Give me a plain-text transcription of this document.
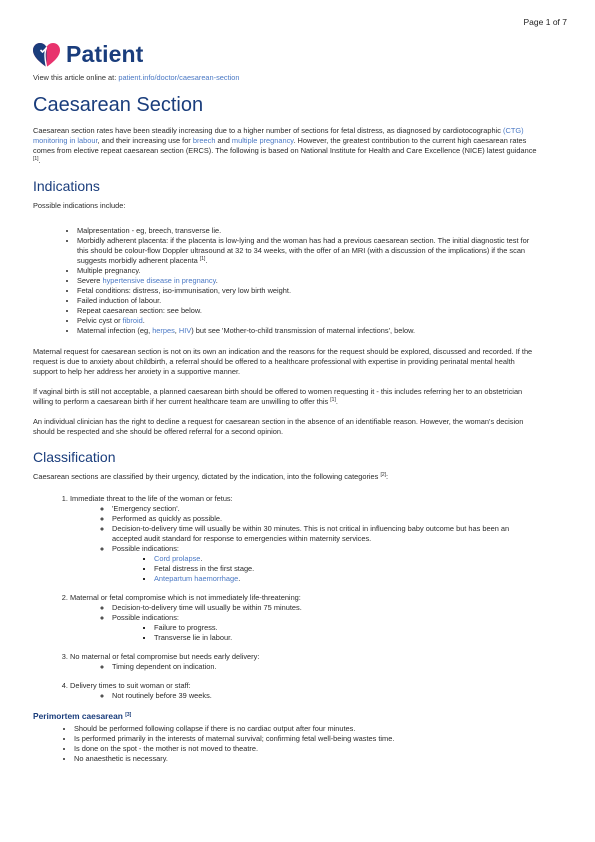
Page 1 of 7
Patient

View this article online at: patient.info/doctor/caesarean-section

Caesarean Section

Caesarean section rates have been steadily increasing due to a higher number of sections for fetal distress, as diagnosed by cardiotocographic (CTG) monitoring in labour, and their increasing use for breech and multiple pregnancy. However, the greatest contribution to the current high caesarean rates comes from elective repeat caesarean section (ERCS). The following is based on National Institute for Health and Care Excellence (NICE) latest guidance [1].

Indications

Possible indications include:

• Malpresentation - eg, breech, transverse lie.
• Morbidly adherent placenta: if the placenta is low-lying and the woman has had a previous caesarean section. The initial diagnostic test for this should be colour-flow Doppler ultrasound at 32 to 34 weeks, with the offer of an MRI (with a discussion of the implications) if the scan suggests morbidly adherent placenta [1].
• Multiple pregnancy.
• Severe hypertensive disease in pregnancy.
• Fetal conditions: distress, iso-immunisation, very low birth weight.
• Failed induction of labour.
• Repeat caesarean section: see below.
• Pelvic cyst or fibroid.
• Maternal infection (eg, herpes, HIV) but see 'Mother-to-child transmission of maternal infections', below.

Maternal request for caesarean section is not on its own an indication and the reasons for the request should be explored, discussed and recorded. If the request is due to anxiety about childbirth, a referral should be offered to a healthcare professional with expertise in providing perinatal mental health support to help her address her anxiety in a supportive manner.

If vaginal birth is still not acceptable, a planned caesarean birth should be offered to women requesting it - this includes referring her to an obstetrician willing to perform a caesarean birth if her current healthcare team are unwilling to offer this [1].

An individual clinician has the right to decline a request for caesarean section in the absence of an identifiable reason. However, the woman's decision should be respected and she should be offered referral for a second opinion.

Classification

Caesarean sections are classified by their urgency, dictated by the indication, into the following categories [2]:

1. Immediate threat to the life of the woman or fetus:
◦ 'Emergency section'.
◦ Performed as quickly as possible.
◦ Decision-to-delivery time will usually be within 30 minutes. This is not critical in influencing baby outcome but has been an accepted audit standard for response to emergencies within maternity services.
◦ Possible indications:
▪ Cord prolapse.
▪ Fetal distress in the first stage.
▪ Antepartum haemorrhage.
2. Maternal or fetal compromise which is not immediately life-threatening:
◦ Decision-to-delivery time will usually be within 75 minutes.
◦ Possible indications:
▪ Failure to progress.
▪ Transverse lie in labour.
3. No maternal or fetal compromise but needs early delivery:
◦ Timing dependent on indication.
4. Delivery times to suit woman or staff:
◦ Not routinely before 39 weeks.
Perimortem caesarean [3]
• Should be performed following collapse if there is no cardiac output after four minutes.
• Is performed primarily in the interests of maternal survival; confirming fetal well-being wastes time.
• Is done on the spot - the mother is not moved to theatre.
• No anaesthetic is necessary.
